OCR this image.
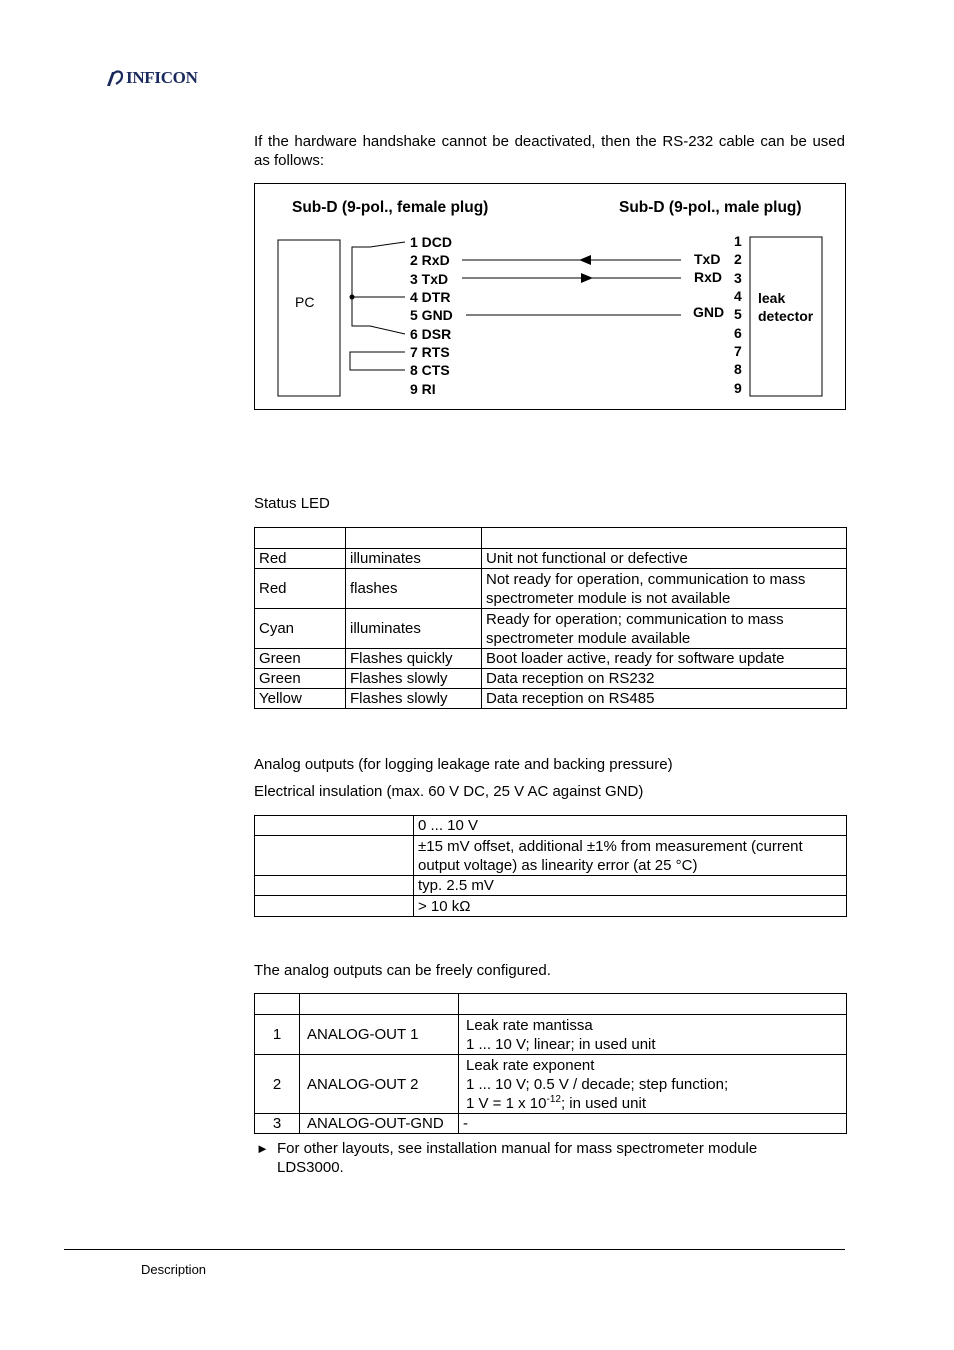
INFICON
If the hardware handshake cannot be deactivated, then the RS-232 cable can be used as follows:
Sub-D (9-pol., female plug)	Sub-D (9-pol., male plug)
PC	leak
detector
1 DCD
2 RxD
3 TxD
4 DTR
5 GND
6 DSR
7 RTS
8 CTS
9 RI
1
2
3
4
5
6
7
8
9
TxD
RxD
GND
Status LED

Red	illuminates	Unit not functional or defective
Red	flashes	Not ready for operation, communication to mass
spectrometer module is not available

Cyan	illuminates	Ready for operation; communication to mass
spectrometer module available

Green	Flashes quickly	Boot loader active, ready for software update
Green	Flashes slowly	Data reception on RS232
Yellow	Flashes slowly	Data reception on RS485
Analog outputs (for logging leakage rate and backing pressure)
Electrical insulation (max. 60 V DC, 25 V AC against GND)
	0 ... 10 V

	±15 mV offset, additional ±1% from measurement (current
output voltage) as linearity error (at 25 °C)

	typ. 2.5 mV
	> 10 kΩ
The analog outputs can be freely configured.

1	ANALOG-OUT 1	Leak rate mantissa
1 ... 10 V; linear; in used unit

2	ANALOG-OUT 2	Leak rate exponent
1 ... 10 V; 0.5 V / decade; step function;
1 V = 1 x $10^{-12}$; in used unit

3	ANALOG-OUT-GND	-
► For other layouts, see installation manual for mass spectrometer module
LDS3000.
Description
